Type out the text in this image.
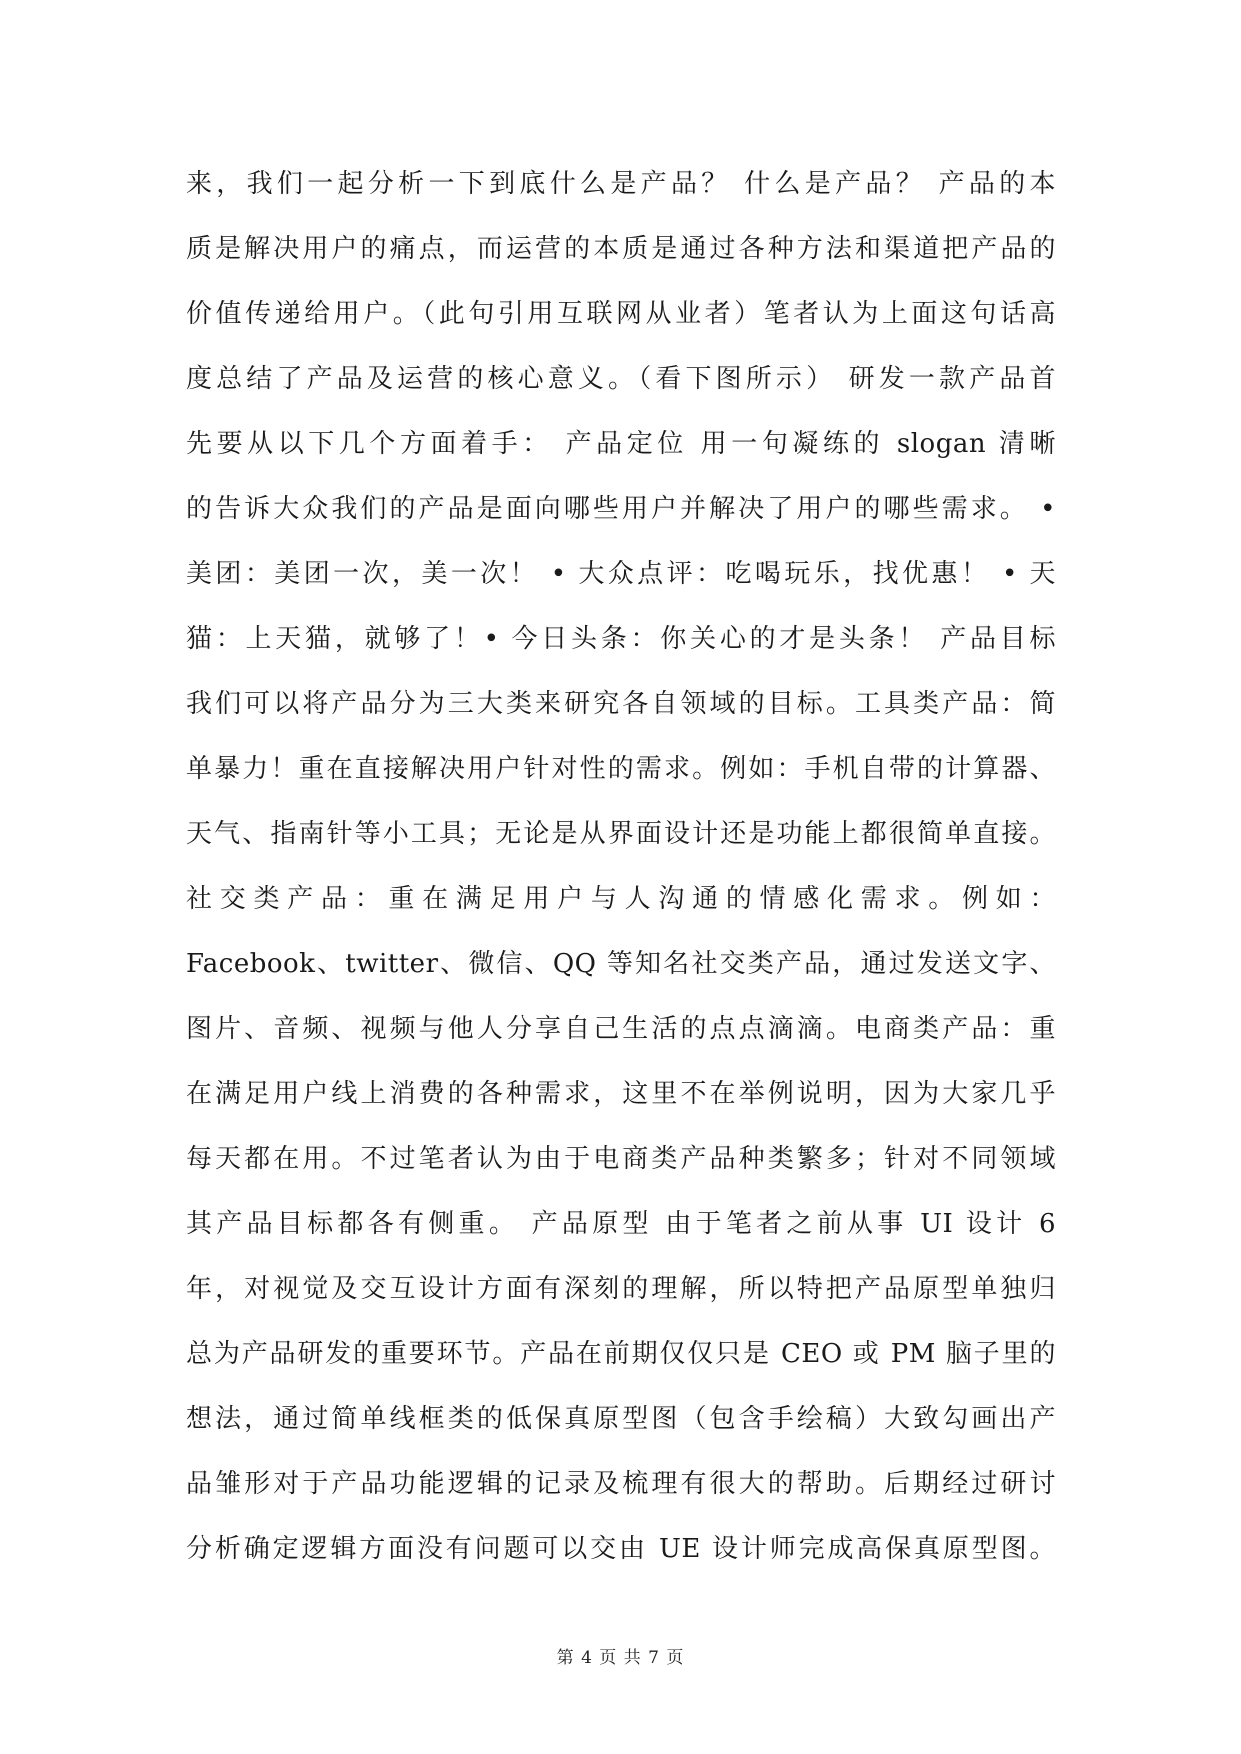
来，我们一起分析一下到底什么是产品？ 什么是产品？ 产品的本
质是解决用户的痛点，而运营的本质是通过各种方法和渠道把产品的
价值传递给用户。（此句引用互联网从业者）笔者认为上面这句话高
度总结了产品及运营的核心意义。（看下图所示） 研发一款产品首
先要从以下几个方面着手： 产品定位 用一句凝练的 slogan 清晰
的告诉大众我们的产品是面向哪些用户并解决了用户的哪些需求。 •
美团：美团一次，美一次！ • 大众点评：吃喝玩乐，找优惠！ • 天
猫：上天猫，就够了！• 今日头条：你关心的才是头条！ 产品目标
我们可以将产品分为三大类来研究各自领域的目标。工具类产品：简
单暴力！重在直接解决用户针对性的需求。例如：手机自带的计算器、
天气、指南针等小工具；无论是从界面设计还是功能上都很简单直接。
社交类产品：重在满足用户与人沟通的情感化需求。例如：
Facebook、twitter、微信、QQ 等知名社交类产品，通过发送文字、
图片、音频、视频与他人分享自己生活的点点滴滴。电商类产品：重
在满足用户线上消费的各种需求，这里不在举例说明，因为大家几乎
每天都在用。不过笔者认为由于电商类产品种类繁多；针对不同领域
其产品目标都各有侧重。 产品原型 由于笔者之前从事 UI 设计 6
年，对视觉及交互设计方面有深刻的理解，所以特把产品原型单独归
总为产品研发的重要环节。产品在前期仅仅只是 CEO 或 PM 脑子里的
想法，通过简单线框类的低保真原型图（包含手绘稿）大致勾画出产
品雏形对于产品功能逻辑的记录及梳理有很大的帮助。后期经过研讨
分析确定逻辑方面没有问题可以交由 UE 设计师完成高保真原型图。
第 4 页 共 7 页
